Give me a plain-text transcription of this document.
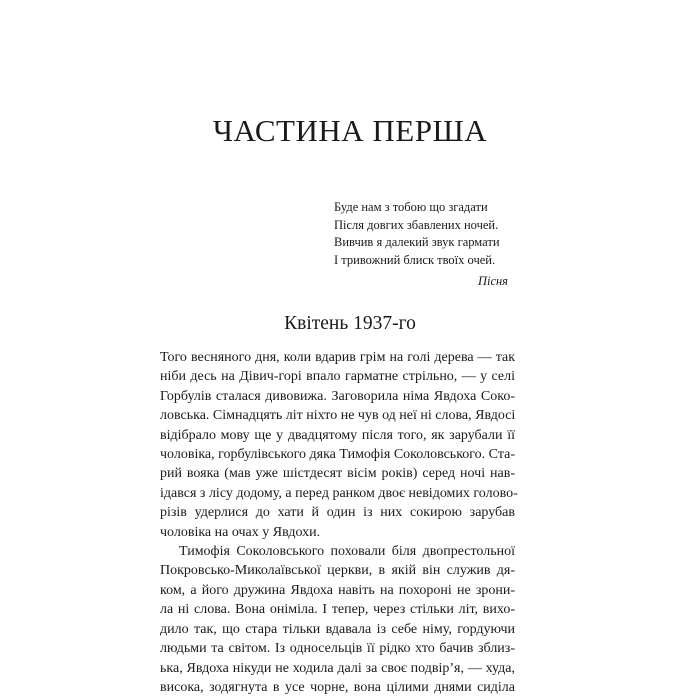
ЧАСТИНА ПЕРША
Буде нам з тобою що згадати
Після довгих збавлених ночей.
Вивчив я далекий звук гармати
І тривожний блиск твоїх очей.
Пісня
Квітень 1937-го
Того весняного дня, коли вдарив грім на голі дерева — так
ніби десь на Дівич-горі впало гарматне стрільно, — у селі
Горбулів сталася дивовижа. Заговорила німа Явдоха Соко-
ловська. Сімнадцять літ ніхто не чув од неї ні слова, Явдосі
відібрало мову ще у двадцятому після того, як зарубали її
чоловіка, горбулівського дяка Тимофія Соколовського. Ста-
рий вояка (мав уже шістдесят вісім років) серед ночі нав-
ідався з лісу додому, а перед ранком двоє невідомих голово-
різів удерлися до хати й один із них сокирою зарубав
чоловіка на очах у Явдохи.
Тимофія Соколовського поховали біля двопрестольної
Покровсько-Миколаївської церкви, в якій він служив дя-
ком, а його дружина Явдоха навіть на похороні не зрони-
ла ні слова. Вона оніміла. І тепер, через стільки літ, вихо-
дило так, що стара тільки вдавала із себе німу, гордуючи
людьми та світом. Із односельців її рідко хто бачив зблиз-
ька, Явдоха нікуди не ходила далі за своє подвір’я, — худа,
висока, зодягнута в усе чорне, вона цілими днями сиділа
